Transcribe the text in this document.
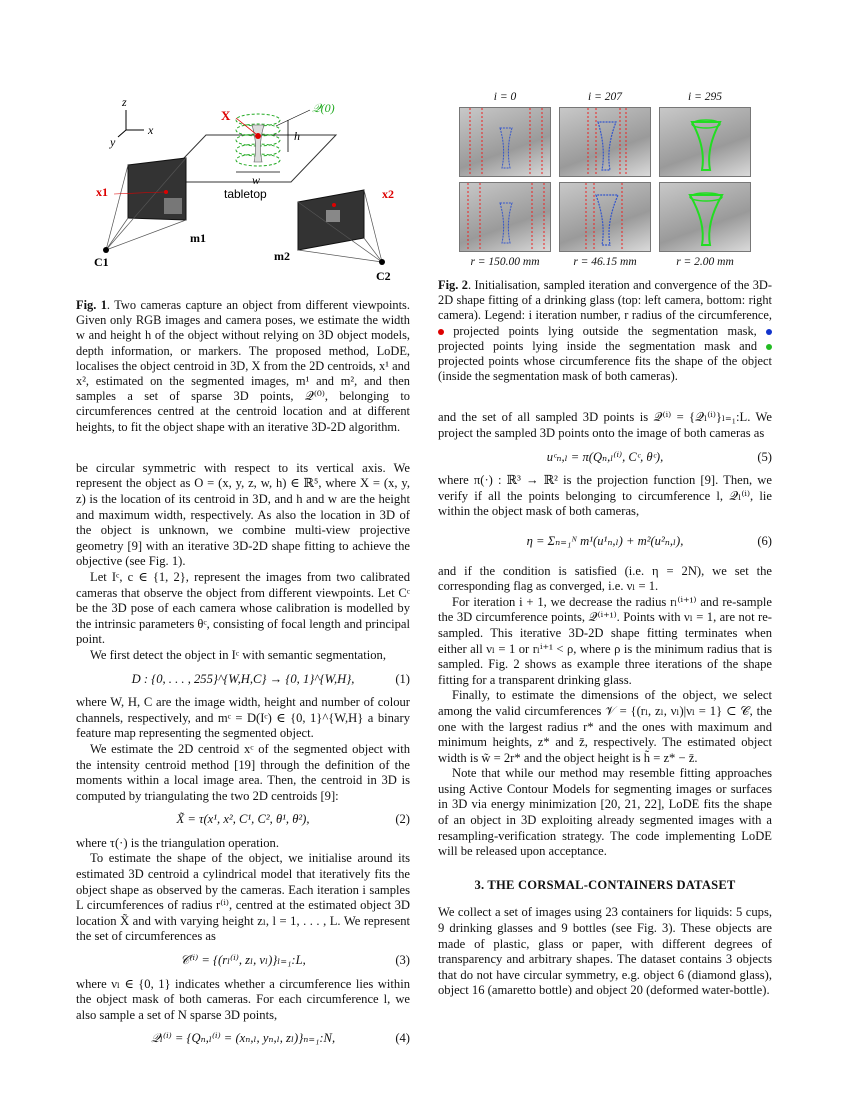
z
x
y
tabletop
X	𝒬(0)
h
w
C1
x1
m1
C2
x2
m2

Fig. 1. Two cameras capture an object from different viewpoints. Given only RGB images and camera poses, we estimate the width w and height h of the object without relying on 3D object models, depth information, or markers. The proposed method, LoDE, localises the object centroid in 3D, X from the 2D centroids, x¹ and x², estimated on the segmented images, m¹ and m², and then samples a set of sparse 3D points, 𝒬⁽⁰⁾, belonging to circumferences centred at the centroid location and at different heights, to fit the object shape with an iterative 3D-2D algorithm.

be circular symmetric with respect to its vertical axis. We represent the object as O = (x, y, z, w, h) ∈ ℝ⁵, where X = (x, y, z) is the location of its centroid in 3D, and h and w are the height and maximum width, respectively. As also the location in 3D of the object is unknown, we combine multi-view projective geometry [9] with an iterative 3D-2D shape fitting to achieve the objective (see Fig. 1).

Let Iᶜ, c ∈ {1, 2}, represent the images from two calibrated cameras that observe the object from different viewpoints. Let Cᶜ be the 3D pose of each camera whose calibration is modelled by the intrinsic parameters θᶜ, consisting of focal length and principal point.

We first detect the object in Iᶜ with semantic segmentation,

D : {0, . . . , 255}^{W,H,C} → {0, 1}^{W,H},	(1)

where W, H, C are the image width, height and number of colour channels, respectively, and mᶜ = D(Iᶜ) ∈ {0, 1}^{W,H} a binary feature map representing the segmented object.

We estimate the 2D centroid xᶜ of the segmented object with the intensity centroid method [19] through the definition of the moments within a local image area. Then, the centroid in 3D is computed by triangulating the two 2D centroids [9]:

X̃ = τ(x¹, x², C¹, C², θ¹, θ²),	(2)

where τ(·) is the triangulation operation.

To estimate the shape of the object, we initialise around its estimated 3D centroid a cylindrical model that iteratively fits the object shape as observed by the cameras. Each iteration i samples L circumferences of radius r⁽ⁱ⁾, centred at the estimated object 3D location X̃ and with varying height zₗ, l = 1, . . . , L. We represent the set of circumferences as

𝒞⁽ⁱ⁾ = {(rₗ⁽ⁱ⁾, zₗ, νₗ)}ₗ₌₁:L,	(3)

where νₗ ∈ {0, 1} indicates whether a circumference lies within the object mask of both cameras. For each circumference l, we also sample a set of N sparse 3D points,

𝒬ₗ⁽ⁱ⁾ = {Qₙ,ₗ⁽ⁱ⁾ = (xₙ,ₗ, yₙ,ₗ, zₗ)}ₙ₌₁:N,	(4)
i = 0	i = 207	i = 295
r = 150.00 mm	r = 46.15 mm	r = 2.00 mm

Fig. 2. Initialisation, sampled iteration and convergence of the 3D-2D shape fitting of a drinking glass (top: left camera, bottom: right camera). Legend: i iteration number, r radius of the circumference,  projected points lying outside the segmentation mask,  projected points lying inside the segmentation mask and  projected points whose circumference fits the shape of the object (inside the segmentation mask of both cameras).

and the set of all sampled 3D points is 𝒬⁽ⁱ⁾ = {𝒬ₗ⁽ⁱ⁾}ₗ₌₁:L. We project the sampled 3D points onto the image of both cameras as

uᶜₙ,ₗ = π(Qₙ,ₗ⁽ⁱ⁾, Cᶜ, θᶜ),	(5)

where π(·) : ℝ³ → ℝ² is the projection function [9]. Then, we verify if all the points belonging to circumference l, 𝒬ₗ⁽ⁱ⁾, lie within the object mask of both cameras,

η = Σₙ₌₁ᴺ m¹(u¹ₙ,ₗ) + m²(u²ₙ,ₗ),	(6)

and if the condition is satisfied (i.e. η = 2N), we set the corresponding flag as converged, i.e. νₗ = 1.

For iteration i + 1, we decrease the radius rₗ⁽ⁱ⁺¹⁾ and re-sample the 3D circumference points, 𝒬⁽ⁱ⁺¹⁾. Points with νₗ = 1, are not re-sampled. This iterative 3D-2D shape fitting terminates when either all νₗ = 1 or rₗⁱ⁺¹ < ρ, where ρ is the minimum radius that is sampled. Fig. 2 shows as example three iterations of the shape fitting for a transparent drinking glass.

Finally, to estimate the dimensions of the object, we select among the valid circumferences 𝒱 = {(rₗ, zₗ, νₗ)|νₗ = 1} ⊂ 𝒞, the one with the largest radius r* and the ones with maximum and minimum heights, z* and z̄, respectively. The estimated object width is w̃ = 2r* and the object height is h̃ = z* − z̄.

Note that while our method may resemble fitting approaches using Active Contour Models for segmenting images or surfaces in 3D via energy minimization [20, 21, 22], LoDE fits the shape of an object in 3D exploiting already segmented images with a resampling-verification strategy. The code implementing LoDE will be released upon acceptance.

3. THE CORSMAL-CONTAINERS DATASET

We collect a set of images using 23 containers for liquids: 5 cups, 9 drinking glasses and 9 bottles (see Fig. 3). These objects are made of plastic, glass or paper, with different degrees of transparency and arbitrary shapes. The dataset contains 3 objects that do not have circular symmetry, e.g. object 6 (diamond glass), object 16 (amaretto bottle) and object 20 (deformed water-bottle).
